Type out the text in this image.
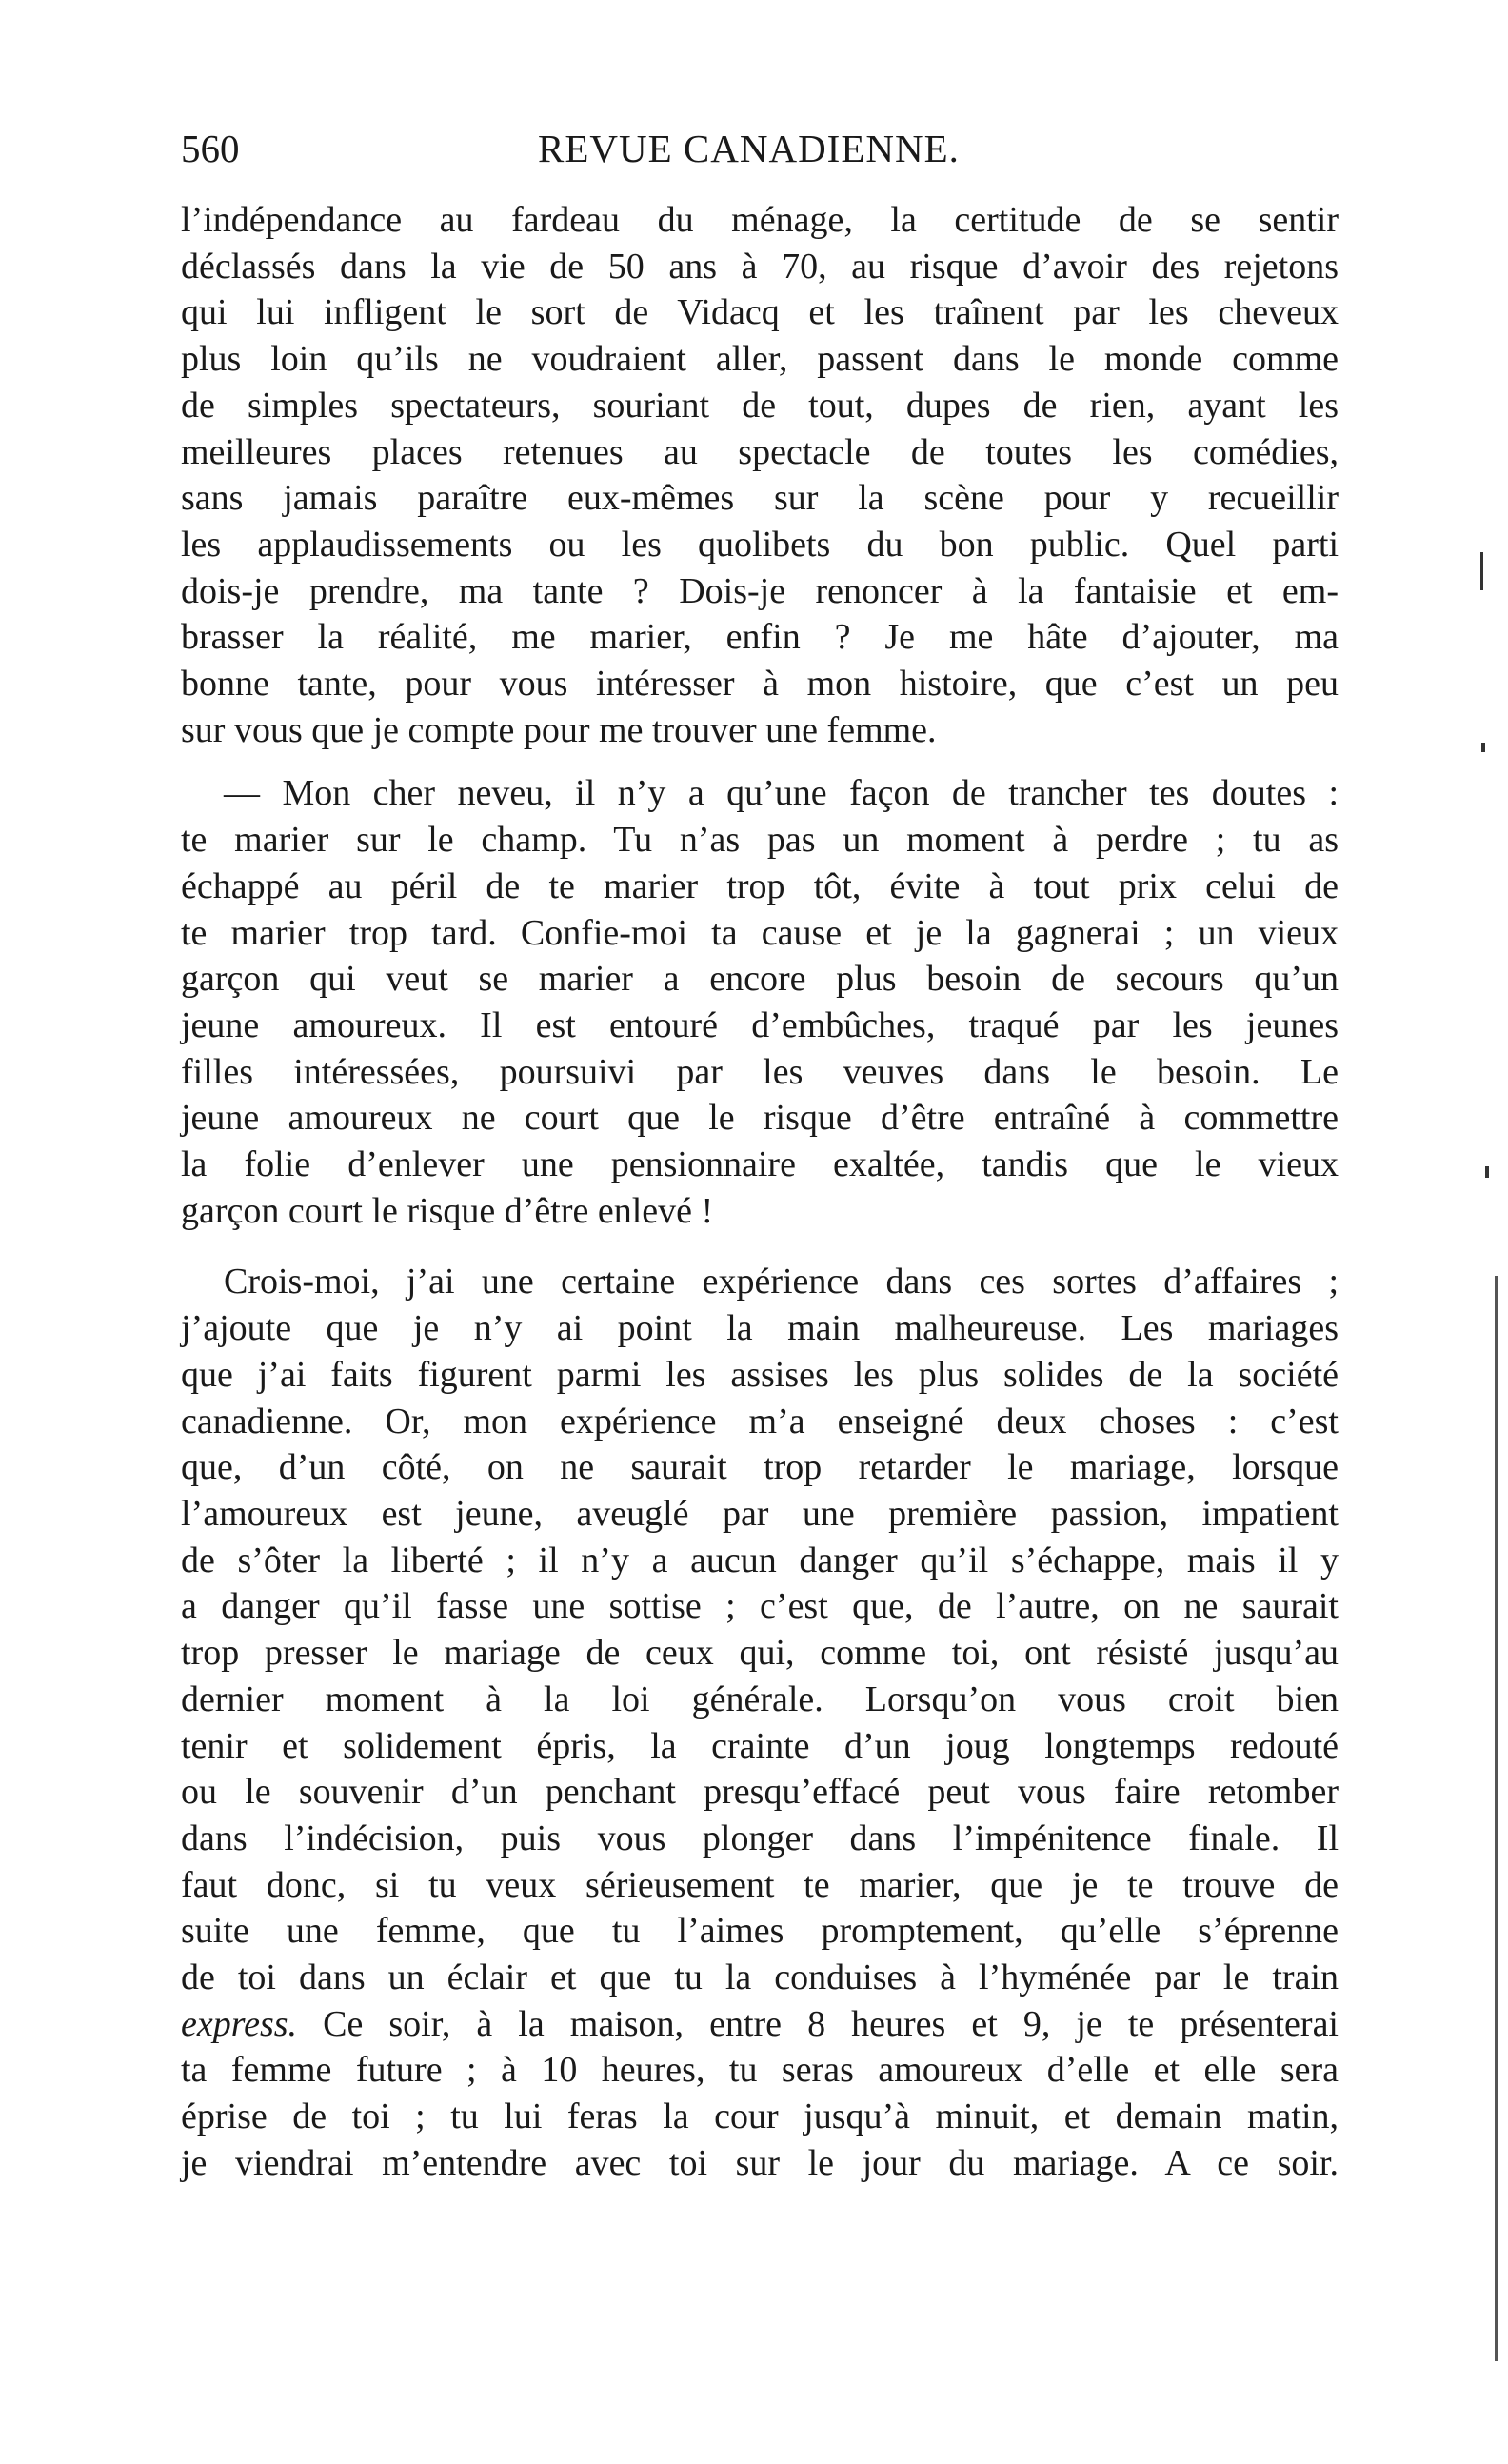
560	REVUE CANADIENNE.

l’indépendance au fardeau du ménage, la certitude de se sentir
déclassés dans la vie de 50 ans à 70, au risque d’avoir des rejetons
qui lui infligent le sort de Vidacq et les traînent par les cheveux
plus loin qu’ils ne voudraient aller, passent dans le monde comme
de simples spectateurs, souriant de tout, dupes de rien, ayant les
meilleures places retenues au spectacle de toutes les comédies,
sans jamais paraître eux-mêmes sur la scène pour y recueillir
les applaudissements ou les quolibets du bon public. Quel parti
dois-je prendre, ma tante ? Dois-je renoncer à la fantaisie et em-
brasser la réalité, me marier, enfin ? Je me hâte d’ajouter, ma
bonne tante, pour vous intéresser à mon histoire, que c’est un peu
sur vous que je compte pour me trouver une femme.

— Mon cher neveu, il n’y a qu’une façon de trancher tes doutes :
te marier sur le champ. Tu n’as pas un moment à perdre ; tu as
échappé au péril de te marier trop tôt, évite à tout prix celui de
te marier trop tard. Confie-moi ta cause et je la gagnerai ; un vieux
garçon qui veut se marier a encore plus besoin de secours qu’un
jeune amoureux. Il est entouré d’embûches, traqué par les jeunes
filles intéressées, poursuivi par les veuves dans le besoin. Le
jeune amoureux ne court que le risque d’être entraîné à commettre
la folie d’enlever une pensionnaire exaltée, tandis que le vieux
garçon court le risque d’être enlevé !

Crois-moi, j’ai une certaine expérience dans ces sortes d’affaires ;
j’ajoute que je n’y ai point la main malheureuse. Les mariages
que j’ai faits figurent parmi les assises les plus solides de la société
canadienne. Or, mon expérience m’a enseigné deux choses : c’est
que, d’un côté, on ne saurait trop retarder le mariage, lorsque
l’amoureux est jeune, aveuglé par une première passion, impatient
de s’ôter la liberté ; il n’y a aucun danger qu’il s’échappe, mais il y
a danger qu’il fasse une sottise ; c’est que, de l’autre, on ne saurait
trop presser le mariage de ceux qui, comme toi, ont résisté jusqu’au
dernier moment à la loi générale. Lorsqu’on vous croit bien
tenir et solidement épris, la crainte d’un joug longtemps redouté
ou le souvenir d’un penchant presqu’effacé peut vous faire retomber
dans l’indécision, puis vous plonger dans l’impénitence finale. Il
faut donc, si tu veux sérieusement te marier, que je te trouve de
suite une femme, que tu l’aimes promptement, qu’elle s’éprenne
de toi dans un éclair et que tu la conduises à l’hyménée par le train
express. Ce soir, à la maison, entre 8 heures et 9, je te présenterai
ta femme future ; à 10 heures, tu seras amoureux d’elle et elle sera
éprise de toi ; tu lui feras la cour jusqu’à minuit, et demain matin,
je viendrai m’entendre avec toi sur le jour du mariage. A ce soir.
